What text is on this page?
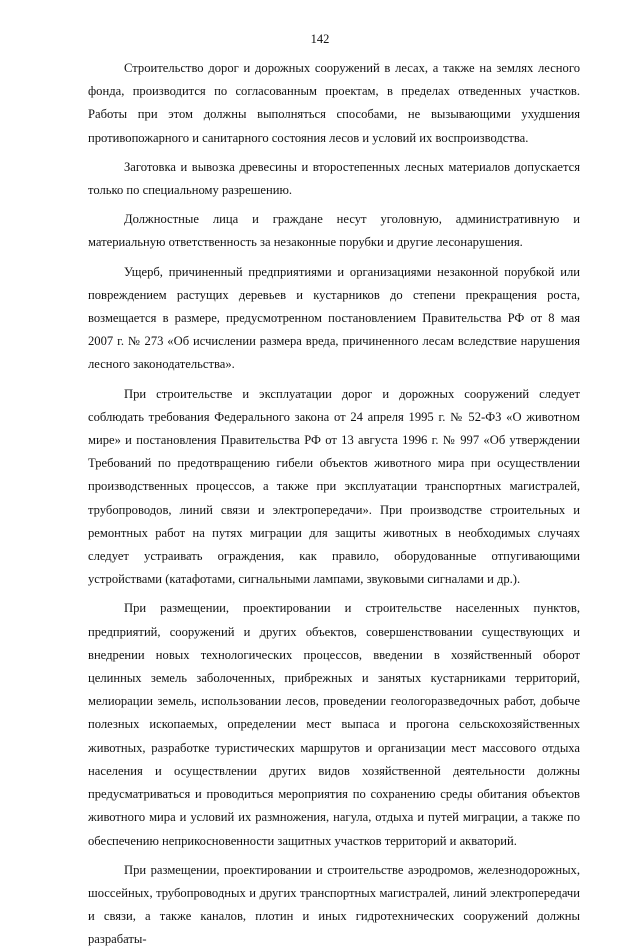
142

Строительство дорог и дорожных сооружений в лесах, а также на землях лесного фонда, производится по согласованным проектам, в пределах отведенных участков. Работы при этом должны выполняться способами, не вызывающими ухудшения противопожарного и санитарного состояния лесов и условий их воспроизводства.

Заготовка и вывозка древесины и второстепенных лесных материалов допускается только по специальному разрешению.

Должностные лица и граждане несут уголовную, административную и материальную ответственность за незаконные порубки и другие лесонарушения.

Ущерб, причиненный предприятиями и организациями незаконной порубкой или повреждением растущих деревьев и кустарников до степени прекращения роста, возмещается в размере, предусмотренном постановлением Правительства РФ от 8 мая 2007 г. № 273 «Об исчислении размера вреда, причиненного лесам вследствие нарушения лесного законодательства».

При строительстве и эксплуатации дорог и дорожных сооружений следует соблюдать требования Федерального закона от 24 апреля 1995 г. № 52-ФЗ «О животном мире» и постановления Правительства РФ от 13 августа 1996 г. № 997 «Об утверждении Требований по предотвращению гибели объектов животного мира при осуществлении производственных процессов, а также при эксплуатации транспортных магистралей, трубопроводов, линий связи и электропередачи». При производстве строительных и ремонтных работ на путях миграции для защиты животных в необходимых случаях следует устраивать ограждения, как правило, оборудованные отпугивающими устройствами (катафотами, сигнальными лампами, звуковыми сигналами и др.).

При размещении, проектировании и строительстве населенных пунктов, предприятий, сооружений и других объектов, совершенствовании существующих и внедрении новых технологических процессов, введении в хозяйственный оборот целинных земель заболоченных, прибрежных и занятых кустарниками территорий, мелиорации земель, использовании лесов, проведении геологоразведочных работ, добыче полезных ископаемых, определении мест выпаса и прогона сельскохозяйственных животных, разработке туристических маршрутов и организации мест массового отдыха населения и осуществлении других видов хозяйственной деятельности должны предусматриваться и проводиться мероприятия по сохранению среды обитания объектов животного мира и условий их размножения, нагула, отдыха и путей миграции, а также по обеспечению неприкосновенности защитных участков территорий и акваторий.

При размещении, проектировании и строительстве аэродромов, железнодорожных, шоссейных, трубопроводных и других транспортных магистралей, линий электропередачи и связи, а также каналов, плотин и иных гидротехнических сооружений должны разрабаты-
